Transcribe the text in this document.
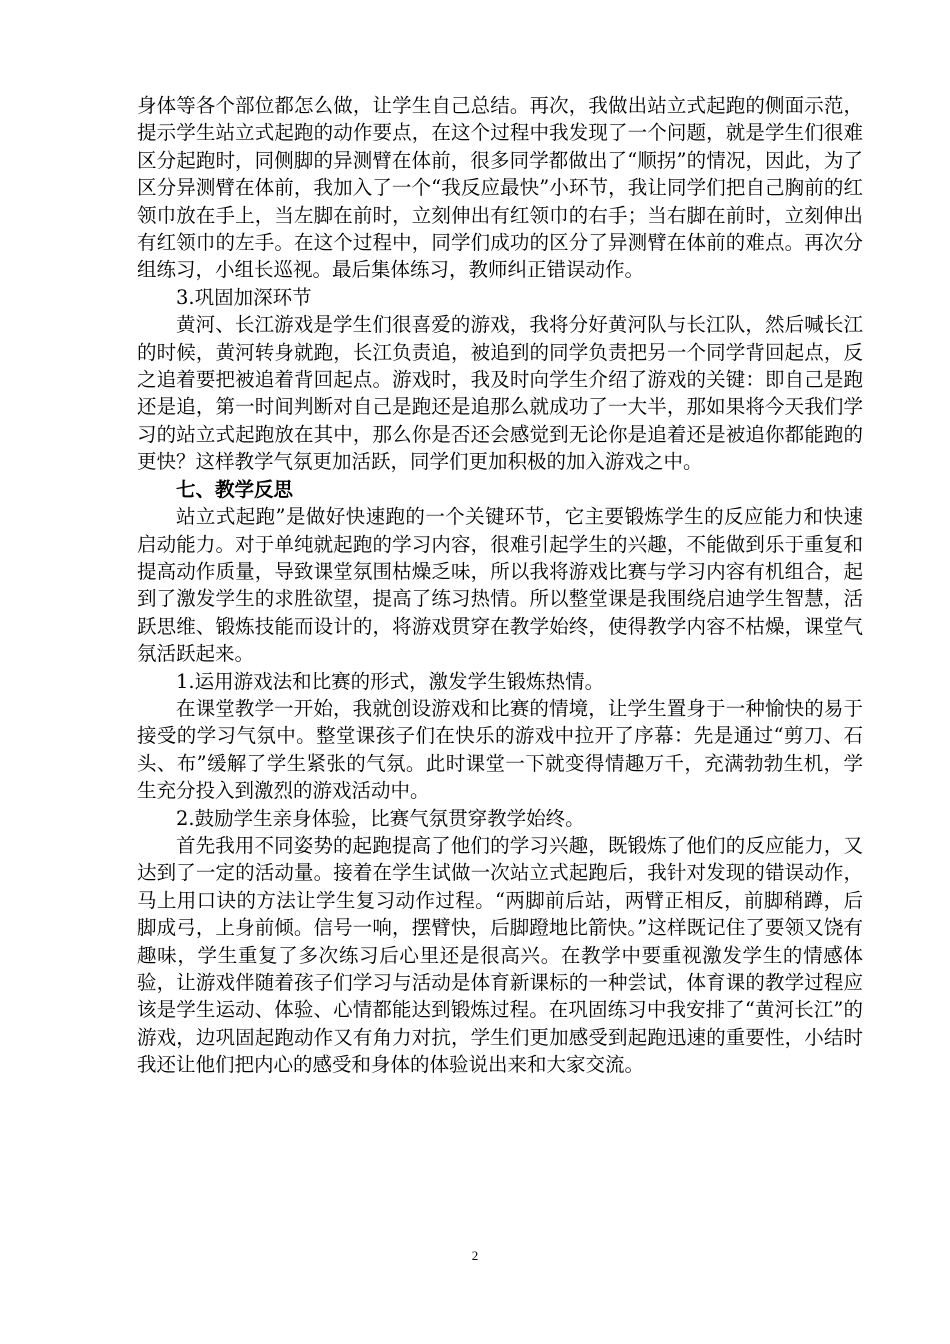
身体等各个部位都怎么做，让学生自己总结。再次，我做出站立式起跑的侧面示范，提示学生站立式起跑的动作要点，在这个过程中我发现了一个问题，就是学生们很难区分起跑时，同侧脚的异测臂在体前，很多同学都做出了“顺拐”的情况，因此，为了区分异测臂在体前，我加入了一个“我反应最快”小环节，我让同学们把自己胸前的红领巾放在手上，当左脚在前时，立刻伸出有红领巾的右手；当右脚在前时，立刻伸出有红领巾的左手。在这个过程中，同学们成功的区分了异测臂在体前的难点。再次分组练习，小组长巡视。最后集体练习，教师纠正错误动作。

3.巩固加深环节

黄河、长江游戏是学生们很喜爱的游戏，我将分好黄河队与长江队，然后喊长江的时候，黄河转身就跑，长江负责追，被追到的同学负责把另一个同学背回起点，反之追着要把被追着背回起点。游戏时，我及时向学生介绍了游戏的关键：即自己是跑还是追，第一时间判断对自己是跑还是追那么就成功了一大半，那如果将今天我们学习的站立式起跑放在其中，那么你是否还会感觉到无论你是追着还是被追你都能跑的更快？这样教学气氛更加活跃，同学们更加积极的加入游戏之中。

七、教学反思

站立式起跑”是做好快速跑的一个关键环节，它主要锻炼学生的反应能力和快速启动能力。对于单纯就起跑的学习内容，很难引起学生的兴趣，不能做到乐于重复和提高动作质量，导致课堂氛围枯燥乏味，所以我将游戏比赛与学习内容有机组合，起到了激发学生的求胜欲望，提高了练习热情。所以整堂课是我围绕启迪学生智慧，活跃思维、锻炼技能而设计的，将游戏贯穿在教学始终，使得教学内容不枯燥，课堂气氛活跃起来。

1.运用游戏法和比赛的形式，激发学生锻炼热情。

在课堂教学一开始，我就创设游戏和比赛的情境，让学生置身于一种愉快的易于接受的学习气氛中。整堂课孩子们在快乐的游戏中拉开了序幕：先是通过“剪刀、石头、布”缓解了学生紧张的气氛。此时课堂一下就变得情趣万千，充满勃勃生机，学生充分投入到激烈的游戏活动中。

2.鼓励学生亲身体验，比赛气氛贯穿教学始终。

首先我用不同姿势的起跑提高了他们的学习兴趣，既锻炼了他们的反应能力，又达到了一定的活动量。接着在学生试做一次站立式起跑后，我针对发现的错误动作，马上用口诀的方法让学生复习动作过程。“两脚前后站，两臂正相反，前脚稍蹲，后脚成弓，上身前倾。信号一响，摆臂快，后脚蹬地比箭快。”这样既记住了要领又饶有趣味，学生重复了多次练习后心里还是很高兴。在教学中要重视激发学生的情感体验，让游戏伴随着孩子们学习与活动是体育新课标的一种尝试，体育课的教学过程应该是学生运动、体验、心情都能达到锻炼过程。在巩固练习中我安排了“黄河长江”的游戏，边巩固起跑动作又有角力对抗，学生们更加感受到起跑迅速的重要性，小结时我还让他们把内心的感受和身体的体验说出来和大家交流。

2
